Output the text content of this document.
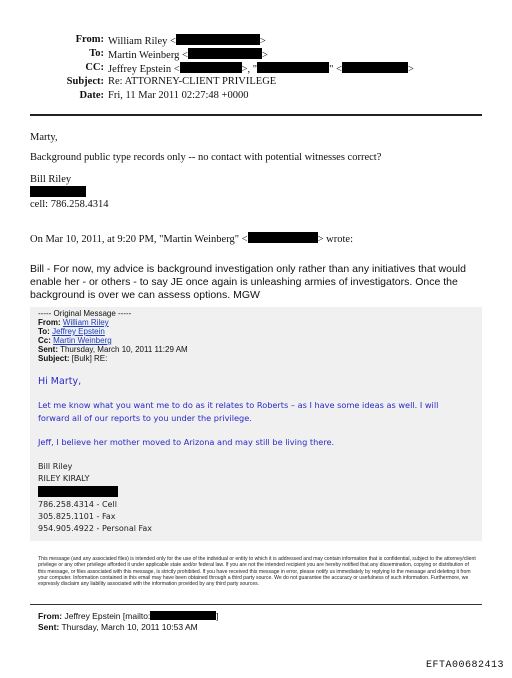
From: William Riley <	>
To: Martin Weinberg <	>
CC: Jeffrey Epstein <	>, "	" <	>
Subject: Re: ATTORNEY-CLIENT PRIVILEGE
Date: Fri, 11 Mar 2011 02:27:48 +0000
Marty,
Background public type records only -- no contact with potential witnesses correct?
Bill Riley
cell: 786.258.4314
On Mar 10, 2011, at 9:20 PM, "Martin Weinberg" <	> wrote:
Bill - For now, my advice is background investigation only rather than any initiatives that would enable her - or others - to say JE once again is unleashing armies of investigators. Once the background is over we can assess options. MGW
----- Original Message -----
From: William Riley
To: Jeffrey Epstein
Cc: Martin Weinberg
Sent: Thursday, March 10, 2011 11:29 AM
Subject: [Bulk] RE:
Hi Marty,
Let me know what you want me to do as it relates to Roberts – as I have some ideas as well. I will
forward all of our reports to you under the privilege.
Jeff, I believe her mother moved to Arizona and may still be living there.
Bill Riley
RILEY KIRALY
786.258.4314 - Cell
305.825.1101 - Fax
954.905.4922 - Personal Fax
This message (and any associated files) is intended only for the use of the individual or entity to which it is addressed and may contain information that is confidential, subject to the attorney/client privilege or any other privilege afforded it under applicable state and/or federal law. If you are not the intended recipient you are hereby notified that any dissemination, copying or distribution of this message, or files associated with this message, is strictly prohibited. If you have received this message in error, please notify us immediately by replying to the message and deleting it from your computer. Information contained in this email may have been obtained through a third party source. We do not guarantee the accuracy or usefulness of such information. Furthermore, we expressly disclaim any liability associated with the information provided by any third party sources.
From: Jeffrey Epstein [mailto:	]
Sent: Thursday, March 10, 2011 10:53 AM
EFTA00682413
